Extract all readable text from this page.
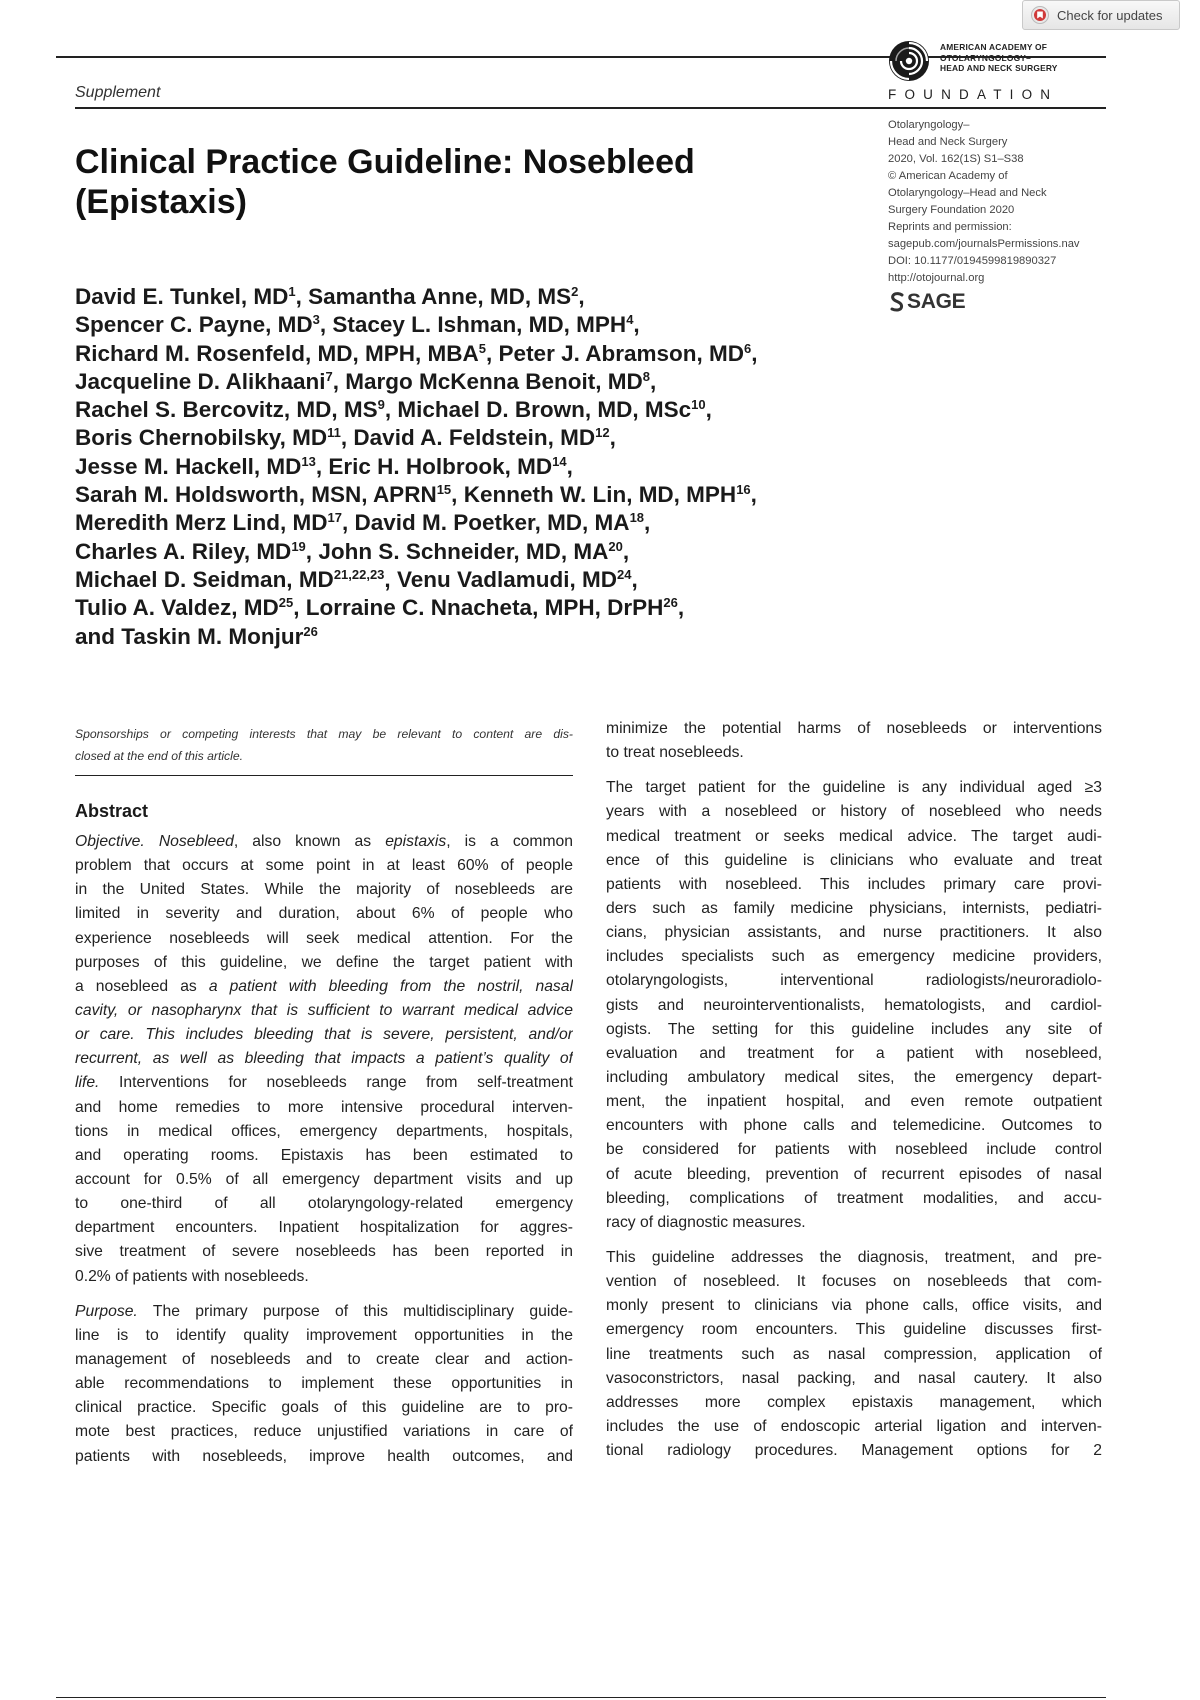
Check for updates
Supplement
AMERICAN ACADEMY OF
OTOLARYNGOLOGY–
HEAD AND NECK SURGERY
FOUNDATION
Otolaryngology–
Head and Neck Surgery
2020, Vol. 162(1S) S1–S38
© American Academy of
Otolaryngology–Head and Neck
Surgery Foundation 2020
Reprints and permission:
sagepub.com/journalsPermissions.nav
DOI: 10.1177/0194599819890327
http://otojournal.org
SAGE
Clinical Practice Guideline: Nosebleed
(Epistaxis)
David E. Tunkel, $MD^1$, Samantha Anne, MD, $MS^2$,
Spencer C. Payne, $MD^3$, Stacey L. Ishman, MD, MPH$^4$,
Richard M. Rosenfeld, MD, MPH, MBA$^5$, Peter J. Abramson, $MD^6$,
Jacqueline D. Alikhaani$^7$, Margo McKenna Benoit, $MD^8$,
Rachel S. Bercovitz, MD, $MS^9$, Michael D. Brown, MD, MSc$^{10}$,
Boris Chernobilsky, MD$^{11}$, David A. Feldstein, MD$^{12}$,
Jesse M. Hackell, MD$^{13}$, Eric H. Holbrook, MD$^{14}$,
Sarah M. Holdsworth, MSN, APRN$^{15}$, Kenneth W. Lin, MD, MPH$^{16}$,
Meredith Merz Lind, MD$^{17}$, David M. Poetker, MD, MA$^{18}$,
Charles A. Riley, MD$^{19}$, John S. Schneider, MD, MA$^{20}$,
Michael D. Seidman, MD$^{21,22,23}$, Venu Vadlamudi, MD$^{24}$,
Tulio A. Valdez, MD$^{25}$, Lorraine C. Nnacheta, MPH, DrPH$^{26}$,
and Taskin M. Monjur$^{26}$
Sponsorships or competing interests that may be relevant to content are dis-
closed at the end of this article.
Abstract
Objective. Nosebleed, also known as epistaxis, is a common
problem that occurs at some point in at least 60% of people
in the United States. While the majority of nosebleeds are
limited in severity and duration, about 6% of people who
experience nosebleeds will seek medical attention. For the
purposes of this guideline, we define the target patient with
a nosebleed as a patient with bleeding from the nostril, nasal
cavity, or nasopharynx that is sufficient to warrant medical advice
or care. This includes bleeding that is severe, persistent, and/or
recurrent, as well as bleeding that impacts a patient’s quality of
life. Interventions for nosebleeds range from self-treatment
and home remedies to more intensive procedural interven-
tions in medical offices, emergency departments, hospitals,
and operating rooms. Epistaxis has been estimated to
account for 0.5% of all emergency department visits and up
to one-third of all otolaryngology-related emergency
department encounters. Inpatient hospitalization for aggres-
sive treatment of severe nosebleeds has been reported in
0.2% of patients with nosebleeds.
Purpose. The primary purpose of this multidisciplinary guide-
line is to identify quality improvement opportunities in the
management of nosebleeds and to create clear and action-
able recommendations to implement these opportunities in
clinical practice. Specific goals of this guideline are to pro-
mote best practices, reduce unjustified variations in care of
patients with nosebleeds, improve health outcomes, and
minimize the potential harms of nosebleeds or interventions
to treat nosebleeds.
The target patient for the guideline is any individual aged ≥3
years with a nosebleed or history of nosebleed who needs
medical treatment or seeks medical advice. The target audi-
ence of this guideline is clinicians who evaluate and treat
patients with nosebleed. This includes primary care provi-
ders such as family medicine physicians, internists, pediatri-
cians, physician assistants, and nurse practitioners. It also
includes specialists such as emergency medicine providers,
otolaryngologists, interventional radiologists/neuroradiolo-
gists and neurointerventionalists, hematologists, and cardiol-
ogists. The setting for this guideline includes any site of
evaluation and treatment for a patient with nosebleed,
including ambulatory medical sites, the emergency depart-
ment, the inpatient hospital, and even remote outpatient
encounters with phone calls and telemedicine. Outcomes to
be considered for patients with nosebleed include control
of acute bleeding, prevention of recurrent episodes of nasal
bleeding, complications of treatment modalities, and accu-
racy of diagnostic measures.
This guideline addresses the diagnosis, treatment, and pre-
vention of nosebleed. It focuses on nosebleeds that com-
monly present to clinicians via phone calls, office visits, and
emergency room encounters. This guideline discusses first-
line treatments such as nasal compression, application of
vasoconstrictors, nasal packing, and nasal cautery. It also
addresses more complex epistaxis management, which
includes the use of endoscopic arterial ligation and interven-
tional radiology procedures. Management options for 2
